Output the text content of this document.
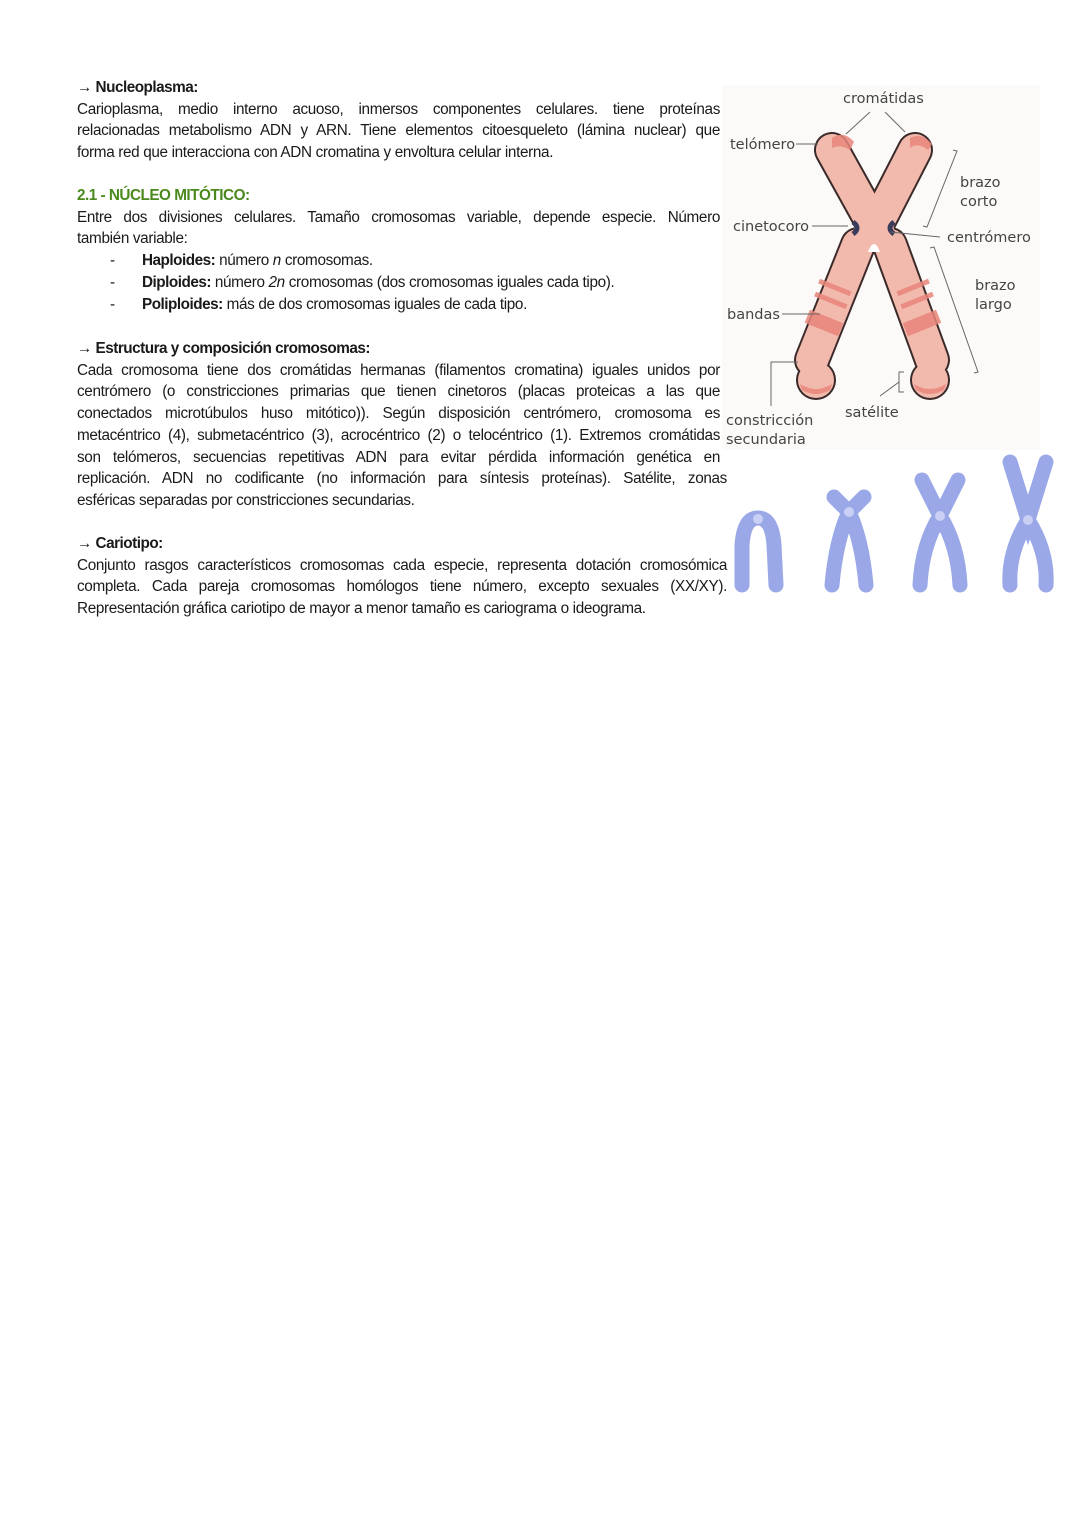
→ Nucleoplasma:
Carioplasma, medio interno acuoso, inmersos componentes celulares. tiene proteínas
relacionadas metabolismo ADN y ARN. Tiene elementos citoesqueleto (lámina nuclear) que
forma red que interacciona con ADN cromatina y envoltura celular interna.
2.1 - NÚCLEO MITÓTICO:
Entre dos divisiones celulares. Tamaño cromosomas variable, depende especie. Número
también variable:
- Haploides: número n cromosomas.
- Diploides: número 2n cromosomas (dos cromosomas iguales cada tipo).
- Poliploides: más de dos cromosomas iguales de cada tipo.
→ Estructura y composición cromosomas:
Cada cromosoma tiene dos cromátidas hermanas (filamentos cromatina) iguales unidos por
centrómero (o constricciones primarias que tienen cinetoros (placas proteicas a las que
conectados microtúbulos huso mitótico)). Según disposición centrómero, cromosoma es
metacéntrico (4), submetacéntrico (3), acrocéntrico (2) o telocéntrico (1). Extremos cromátidas
son telómeros, secuencias repetitivas ADN para evitar pérdida información genética en
replicación. ADN no codificante (no información para síntesis proteínas). Satélite, zonas
esféricas separadas por constricciones secundarias.
→ Cariotipo:
Conjunto rasgos característicos cromosomas cada especie, representa dotación cromosómica
completa. Cada pareja cromosomas homólogos tiene número, excepto sexuales (XX/XY).
Representación gráfica cariotipo de mayor a menor tamaño es cariograma o ideograma.
cromátidas
telómero
brazo
corto
cinetocoro
centrómero
brazo
largo
bandas
constricción
secundaria
satélite
